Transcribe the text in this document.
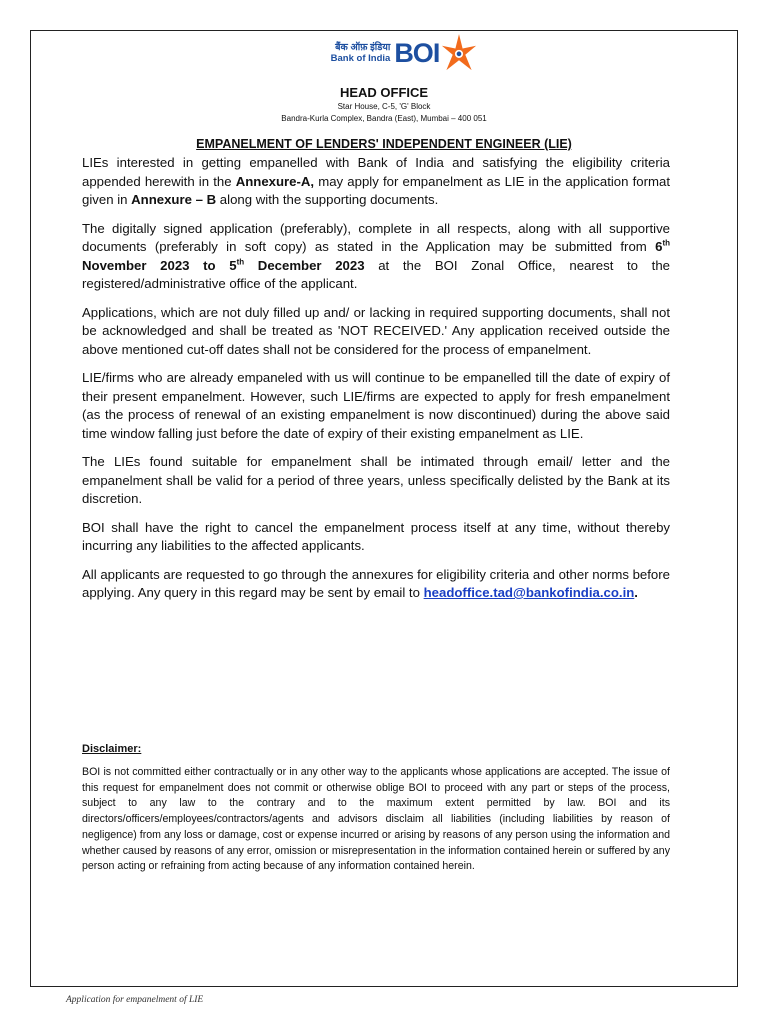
बैंक ऑफ़ इंडिया
Bank of India BOI
HEAD OFFICE
Star House, C-5, 'G' Block
Bandra-Kurla Complex, Bandra (East), Mumbai – 400 051
EMPANELMENT OF LENDERS' INDEPENDENT ENGINEER (LIE)

LIEs interested in getting empanelled with Bank of India and satisfying the eligibility criteria appended herewith in the Annexure-A, may apply for empanelment as LIE in the application format given in Annexure – B along with the supporting documents.

The digitally signed application (preferably), complete in all respects, along with all supportive documents (preferably in soft copy) as stated in the Application may be submitted from 6th November 2023 to 5th December 2023 at the BOI Zonal Office, nearest to the registered/administrative office of the applicant.

Applications, which are not duly filled up and/ or lacking in required supporting documents, shall not be acknowledged and shall be treated as 'NOT RECEIVED.' Any application received outside the above mentioned cut-off dates shall not be considered for the process of empanelment.

LIE/firms who are already empaneled with us will continue to be empanelled till the date of expiry of their present empanelment. However, such LIE/firms are expected to apply for fresh empanelment (as the process of renewal of an existing empanelment is now discontinued) during the above said time window falling just before the date of expiry of their existing empanelment as LIE.

The LIEs found suitable for empanelment shall be intimated through email/ letter and the empanelment shall be valid for a period of three years, unless specifically delisted by the Bank at its discretion.

BOI shall have the right to cancel the empanelment process itself at any time, without thereby incurring any liabilities to the affected applicants.

All applicants are requested to go through the annexures for eligibility criteria and other norms before applying. Any query in this regard may be sent by email to headoffice.tad@bankofindia.co.in.

Disclaimer:
BOI is not committed either contractually or in any other way to the applicants whose applications are accepted. The issue of this request for empanelment does not commit or otherwise oblige BOI to proceed with any part or steps of the process, subject to any law to the contrary and to the maximum extent permitted by law. BOI and its directors/officers/employees/contractors/agents and advisors disclaim all liabilities (including liabilities by reason of negligence) from any loss or damage, cost or expense incurred or arising by reasons of any person using the information and whether caused by reasons of any error, omission or misrepresentation in the information contained herein or suffered by any person acting or refraining from acting because of any information contained herein.
Application for empanelment of LIE
